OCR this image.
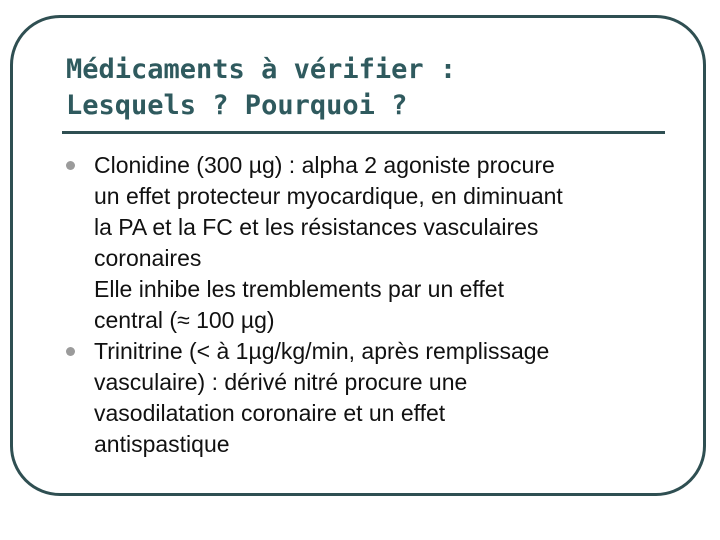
Médicaments à vérifier :
Lesquels ? Pourquoi ?
Clonidine (300 µg) : alpha 2 agoniste procure
un effet protecteur myocardique, en diminuant
la PA et la FC et les résistances vasculaires
coronaires
Elle inhibe les tremblements par un effet
central (≈ 100 µg)
Trinitrine (< à 1µg/kg/min, après remplissage
vasculaire) : dérivé nitré procure une
vasodilatation coronaire et un effet
antispastique
